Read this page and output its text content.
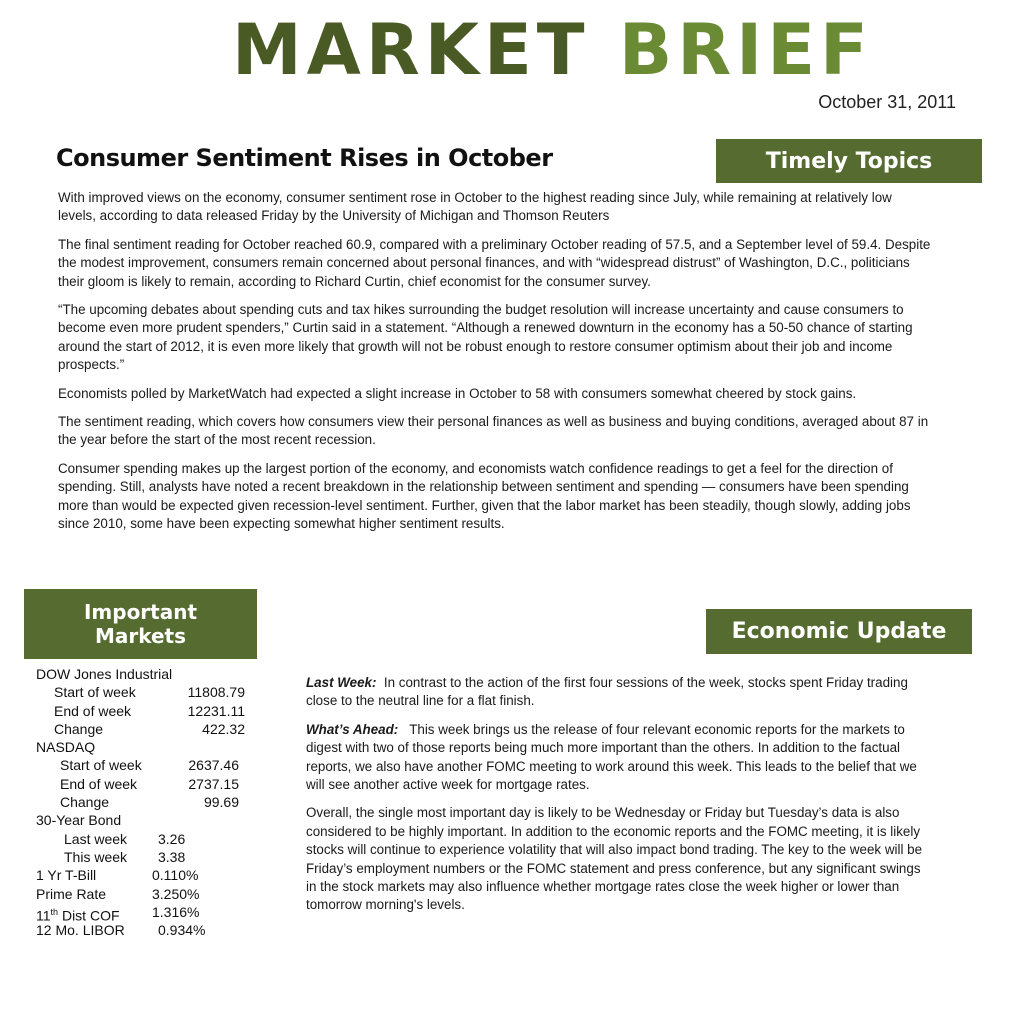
MARKET BRIEF
October 31, 2011
Consumer Sentiment Rises in October	Timely Topics

With improved views on the economy, consumer sentiment rose in October to the highest reading since July, while remaining at relatively low levels, according to data released Friday by the University of Michigan and Thomson Reuters

The final sentiment reading for October reached 60.9, compared with a preliminary October reading of 57.5, and a September level of 59.4. Despite the modest improvement, consumers remain concerned about personal finances, and with “widespread distrust” of Washington, D.C., politicians their gloom is likely to remain, according to Richard Curtin, chief economist for the consumer survey.

“The upcoming debates about spending cuts and tax hikes surrounding the budget resolution will increase uncertainty and cause consumers to become even more prudent spenders,” Curtin said in a statement. “Although a renewed downturn in the economy has a 50-50 chance of starting around the start of 2012, it is even more likely that growth will not be robust enough to restore consumer optimism about their job and income prospects.”

Economists polled by MarketWatch had expected a slight increase in October to 58 with consumers somewhat cheered by stock gains.

The sentiment reading, which covers how consumers view their personal finances as well as business and buying conditions, averaged about 87 in the year before the start of the most recent recession.

Consumer spending makes up the largest portion of the economy, and economists watch confidence readings to get a feel for the direction of spending. Still, analysts have noted a recent breakdown in the relationship between sentiment and spending — consumers have been spending more than would be expected given recession-level sentiment. Further, given that the labor market has been steadily, though slowly, adding jobs since 2010, some have been expecting somewhat higher sentiment results.

Important
Markets
DOW Jones Industrial
Start of week	11808.79
End of week	12231.11
Change	422.32
NASDAQ
Start of week	2637.46
End of week	2737.15
Change	99.69
30-Year Bond
Last week 3.26
This week 3.38
1 Yr T-Bill	0.110%
Prime Rate	3.250%
11th Dist COF 1.316%
12 Mo. LIBOR 0.934%
Economic Update

Last Week: In contrast to the action of the first four sessions of the week, stocks spent Friday trading close to the neutral line for a flat finish.

What’s Ahead: This week brings us the release of four relevant economic reports for the markets to digest with two of those reports being much more important than the others. In addition to the factual reports, we also have another FOMC meeting to work around this week. This leads to the belief that we will see another active week for mortgage rates.

Overall, the single most important day is likely to be Wednesday or Friday but Tuesday’s data is also considered to be highly important. In addition to the economic reports and the FOMC meeting, it is likely stocks will continue to experience volatility that will also impact bond trading. The key to the week will be Friday’s employment numbers or the FOMC statement and press conference, but any significant swings in the stock markets may also influence whether mortgage rates close the week higher or lower than tomorrow morning's levels.
